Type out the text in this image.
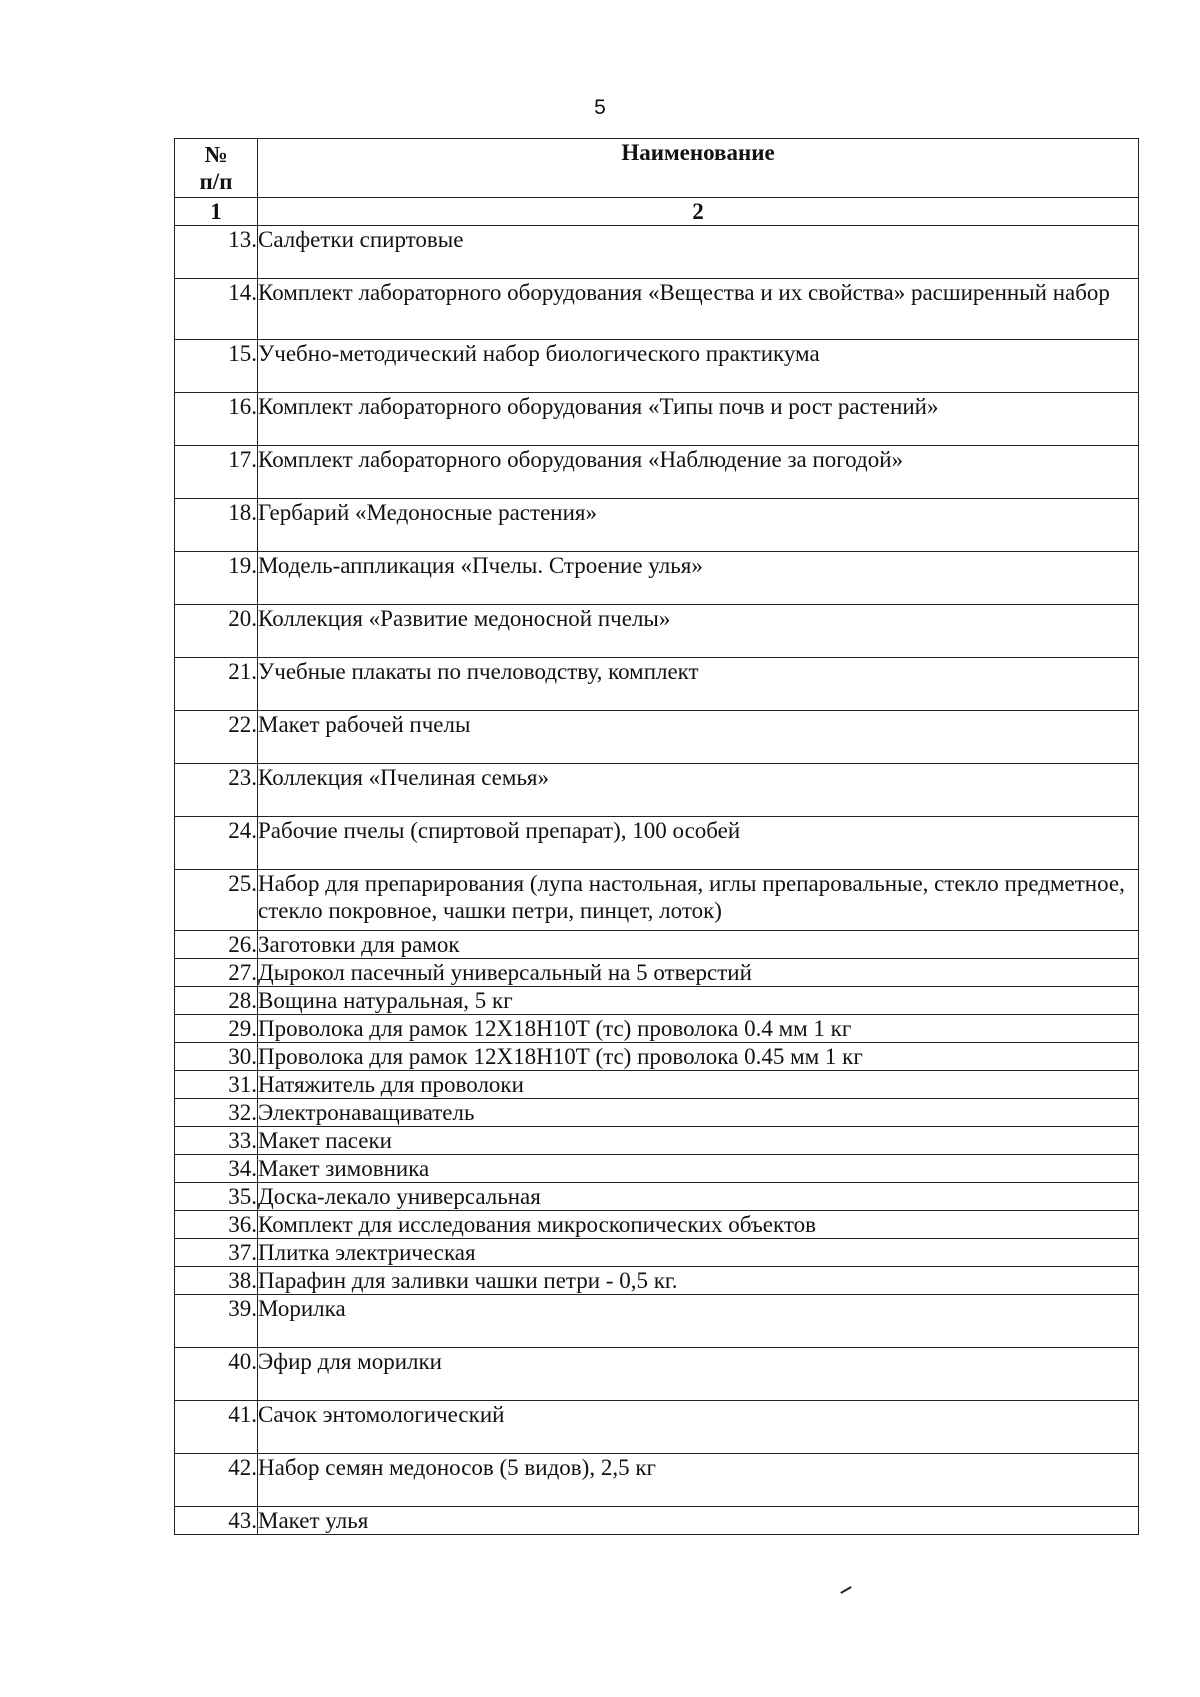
5
№
п/п	Наименование
1	2
13.	Салфетки спиртовые
14.	Комплект лабораторного оборудования «Вещества и их свойства» расширенный набор
15.	Учебно-методический набор биологического практикума
16.	Комплект лабораторного оборудования «Типы почв и рост растений»
17.	Комплект лабораторного оборудования «Наблюдение за погодой»
18.	Гербарий «Медоносные растения»
19.	Модель-аппликация «Пчелы. Строение улья»
20.	Коллекция «Развитие медоносной пчелы»
21.	Учебные плакаты по пчеловодству, комплект
22.	Макет рабочей пчелы
23.	Коллекция «Пчелиная семья»
24.	Рабочие пчелы (спиртовой препарат), 100 особей
25.	Набор для препарирования (лупа настольная, иглы препаровальные, стекло предметное, стекло покровное, чашки петри, пинцет, лоток)
26.	Заготовки для рамок
27.	Дырокол пасечный универсальный на 5 отверстий
28.	Вощина натуральная, 5 кг
29.	Проволока для рамок 12Х18Н10Т (тс) проволока 0.4 мм 1 кг
30.	Проволока для рамок 12Х18Н10Т (тс) проволока 0.45 мм 1 кг
31.	Натяжитель для проволоки
32.	Электронаващиватель
33.	Макет пасеки
34.	Макет зимовника
35.	Доска-лекало универсальная
36.	Комплект для исследования микроскопических объектов
37.	Плитка электрическая
38.	Парафин для заливки чашки петри - 0,5 кг.
39.	Морилка
40.	Эфир для морилки
41.	Сачок энтомологический
42.	Набор семян медоносов (5 видов), 2,5 кг
43.	Макет улья
